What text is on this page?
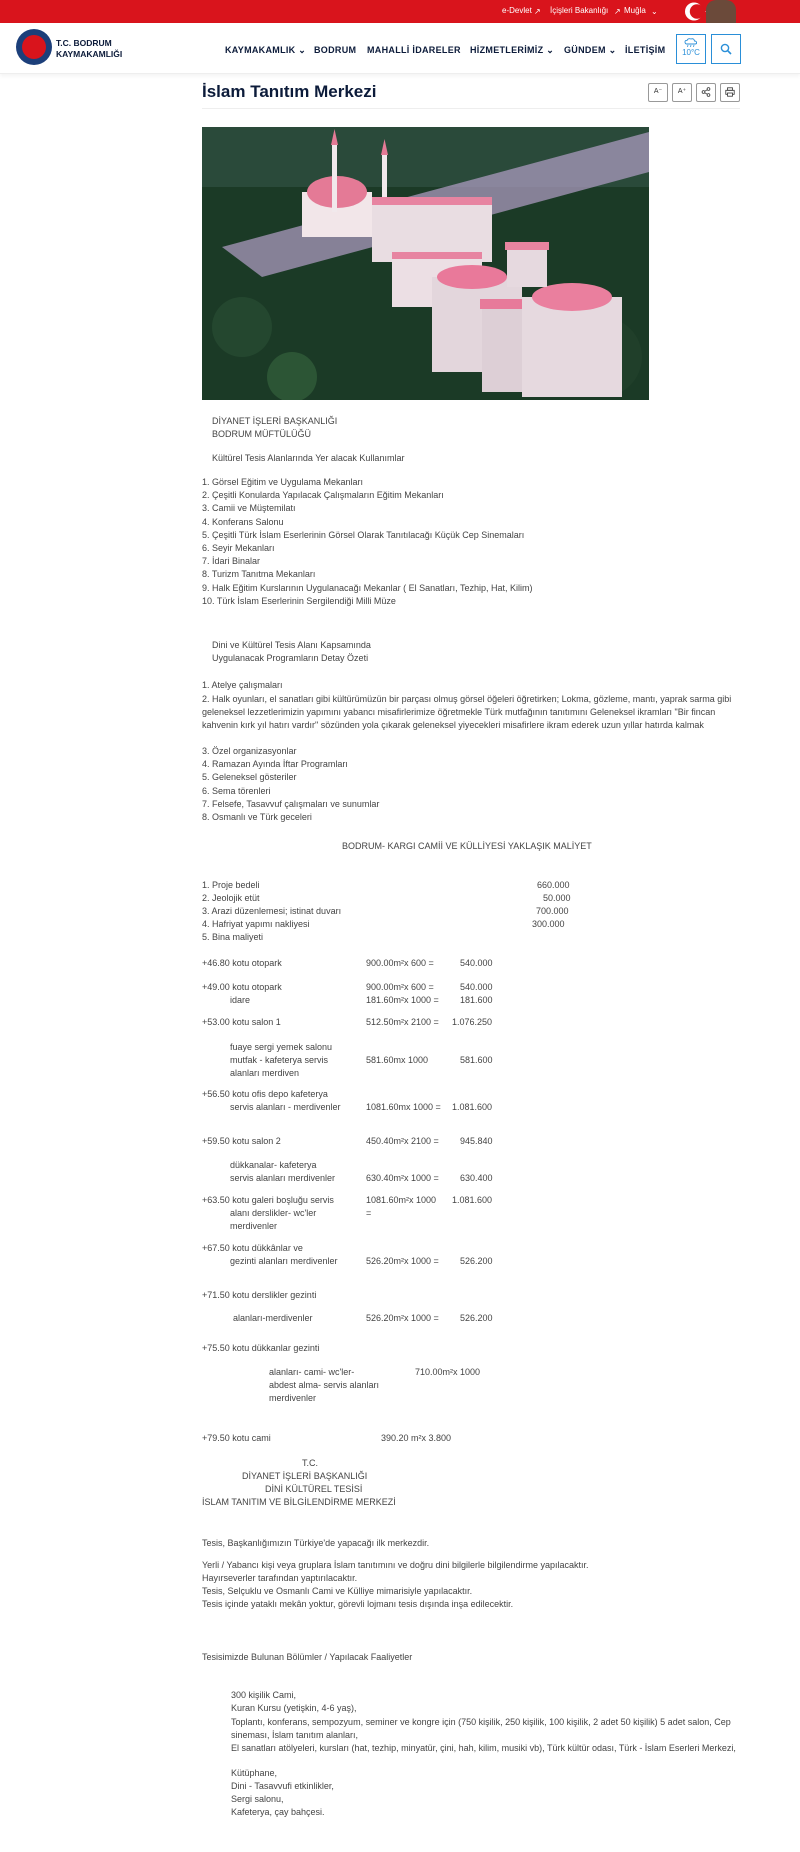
e-Devlet ↗ İçişleri Bakanlığı ↗ Muğla ⌄
T.C. BODRUM
KAYMAKAMLIĞI	KAYMAKAMLIK ⌄ BODRUM MAHALLİ İDARELER HİZMETLERİMİZ ⌄ GÜNDEM ⌄ İLETİŞİM	10°C
İslam Tanıtım Merkezi	A⁻	A⁺
DİYANET İŞLERİ BAŞKANLIĞI
BODRUM MÜFTÜLÜĞÜ
Kültürel Tesis Alanlarında Yer alacak Kullanımlar
1. Görsel Eğitim ve Uygulama Mekanları
2. Çeşitli Konularda Yapılacak Çalışmaların Eğitim Mekanları
3. Camii ve Müştemilatı
4. Konferans Salonu
5. Çeşitli Türk İslam Eserlerinin Görsel Olarak Tanıtılacağı Küçük Cep Sinemaları
6. Seyir Mekanları
7. İdari Binalar
8. Turizm Tanıtma Mekanları
9. Halk Eğitim Kurslarının Uygulanacağı Mekanlar ( El Sanatları, Tezhip, Hat, Kilim)
10. Türk İslam Eserlerinin Sergilendiği Milli Müze
Dini ve Kültürel Tesis Alanı Kapsamında
Uygulanacak Programların Detay Özeti
1. Atelye çalışmaları
2. Halk oyunları, el sanatları gibi kültürümüzün bir parçası olmuş görsel öğeleri öğretirken; Lokma, gözleme, mantı, yaprak sarma gibi geleneksel lezzetlerimizin yapımını yabancı misafirlerimize öğretmekle Türk mutfağının tanıtımını Geleneksel ikramları "Bir fincan kahvenin kırk yıl hatırı vardır" sözünden yola çıkarak geleneksel yiyecekleri misafirlere ikram ederek uzun yıllar hatırda kalmak
3. Özel organizasyonlar
4. Ramazan Ayında İftar Programları
5. Geleneksel gösteriler
6. Sema törenleri
7. Felsefe, Tasavvuf çalışmaları ve sunumlar
8. Osmanlı ve Türk geceleri
BODRUM- KARGI CAMİİ VE KÜLLİYESİ YAKLAŞIK MALİYET
1. Proje bedeli	660.000
2. Jeolojik etüt	50.000
3. Arazi düzenlemesi; istinat duvarı	700.000
4. Hafriyat yapımı nakliyesi	300.000
5. Bina maliyeti
+46.80 kotu otopark	900.00m²x 600 =	540.000
+49.00 kotu otopark	900.00m²x 600 =	540.000
idare	181.60m²x 1000 = 181.600
+53.00 kotu salon 1	512.50m²x 2100 = 1.076.250
fuaye sergi yemek salonu
mutfak - kafeterya servis	581.60mx 1000	581.600
alanları merdiven
+56.50 kotu ofis depo kafeterya
servis alanları - merdivenler	1081.60mx 1000 = 1.081.600
+59.50 kotu salon 2	450.40m²x 2100 = 945.840
dükkanalar- kafeterya
servis alanları merdivenler	630.40m²x 1000 = 630.400
+63.50 kotu galeri boşluğu servis	1081.60m²x 1000 1.081.600
alanı derslikler- wc'ler	=
merdivenler
+67.50 kotu dükkânlar ve
gezinti alanları merdivenler	526.20m²x 1000 = 526.200
+71.50 kotu derslikler gezinti
alanları-merdivenler	526.20m²x 1000 = 526.200
+75.50 kotu dükkanlar gezinti
alanları- cami- wc'ler-	710.00m²x 1000
abdest alma- servis alanları
merdivenler
+79.50 kotu cami	390.20 m²x 3.800
T.C.
DİYANET İŞLERİ BAŞKANLIĞI
DİNİ KÜLTÜREL TESİSİ
İSLAM TANITIM VE BİLGİLENDİRME MERKEZİ
Tesis, Başkanlığımızın Türkiye'de yapacağı ilk merkezdir.
Yerli / Yabancı kişi veya gruplara İslam tanıtımını ve doğru dini bilgilerle bilgilendirme yapılacaktır.
Hayırseverler tarafından yaptırılacaktır.
Tesis, Selçuklu ve Osmanlı Cami ve Külliye mimarisiyle yapılacaktır.
Tesis içinde yataklı mekân yoktur, görevli lojmanı tesis dışında inşa edilecektir.
Tesisimizde Bulunan Bölümler / Yapılacak Faaliyetler
300 kişilik Cami,
Kuran Kursu (yetişkin, 4-6 yaş),
Toplantı, konferans, sempozyum, seminer ve kongre için (750 kişilik, 250 kişilik, 100 kişilik, 2 adet 50 kişilik) 5 adet salon, Cep sineması, İslam tanıtım alanları,
El sanatları atölyeleri, kursları (hat, tezhip, minyatür, çini, hah, kilim, musiki vb), Türk kültür odası, Türk - İslam Eserleri Merkezi,
Kütüphane,
Dini - Tasavvufi etkinlikler,
Sergi salonu,
Kafeterya, çay bahçesi.
